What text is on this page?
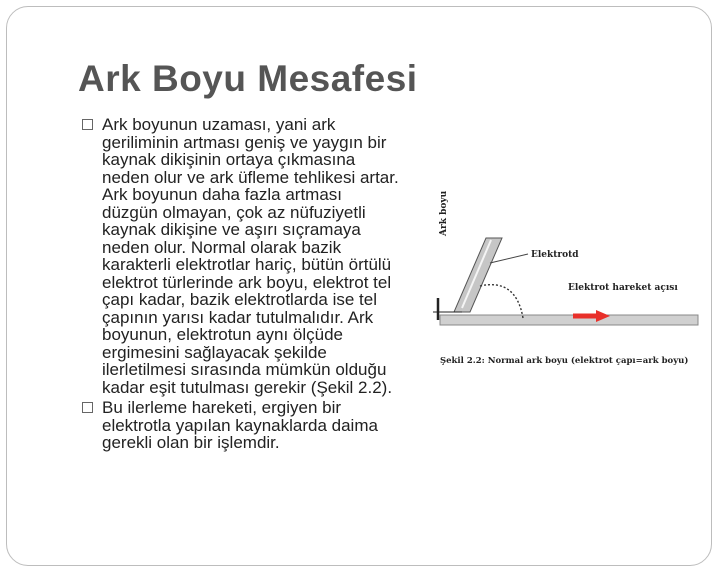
Ark Boyu Mesafesi
Ark boyunun uzaması, yani ark geriliminin artması geniş ve yaygın bir kaynak dikişinin ortaya çıkmasına neden olur ve ark üfleme tehlikesi artar. Ark boyunun daha fazla artması düzgün olmayan, çok az nüfuziyetli kaynak dikişine ve aşırı sıçramaya neden olur. Normal olarak bazik karakterli elektrotlar hariç, bütün örtülü elektrot türlerinde ark boyu, elektrot tel çapı kadar, bazik elektrotlarda ise tel çapının yarısı kadar tutulmalıdır. Ark boyunun, elektrotun aynı ölçüde ergimesini sağlayacak şekilde ilerletilmesi sırasında mümkün olduğu kadar eşit tutulması gerekir (Şekil 2.2).
Bu ilerleme hareketi, ergiyen bir elektrotla yapılan kaynaklarda daima gerekli olan bir işlemdir.
Ark boyu
Elektrotd
Elektrot hareket açısı
Şekil 2.2: Normal ark boyu (elektrot çapı=ark boyu)
